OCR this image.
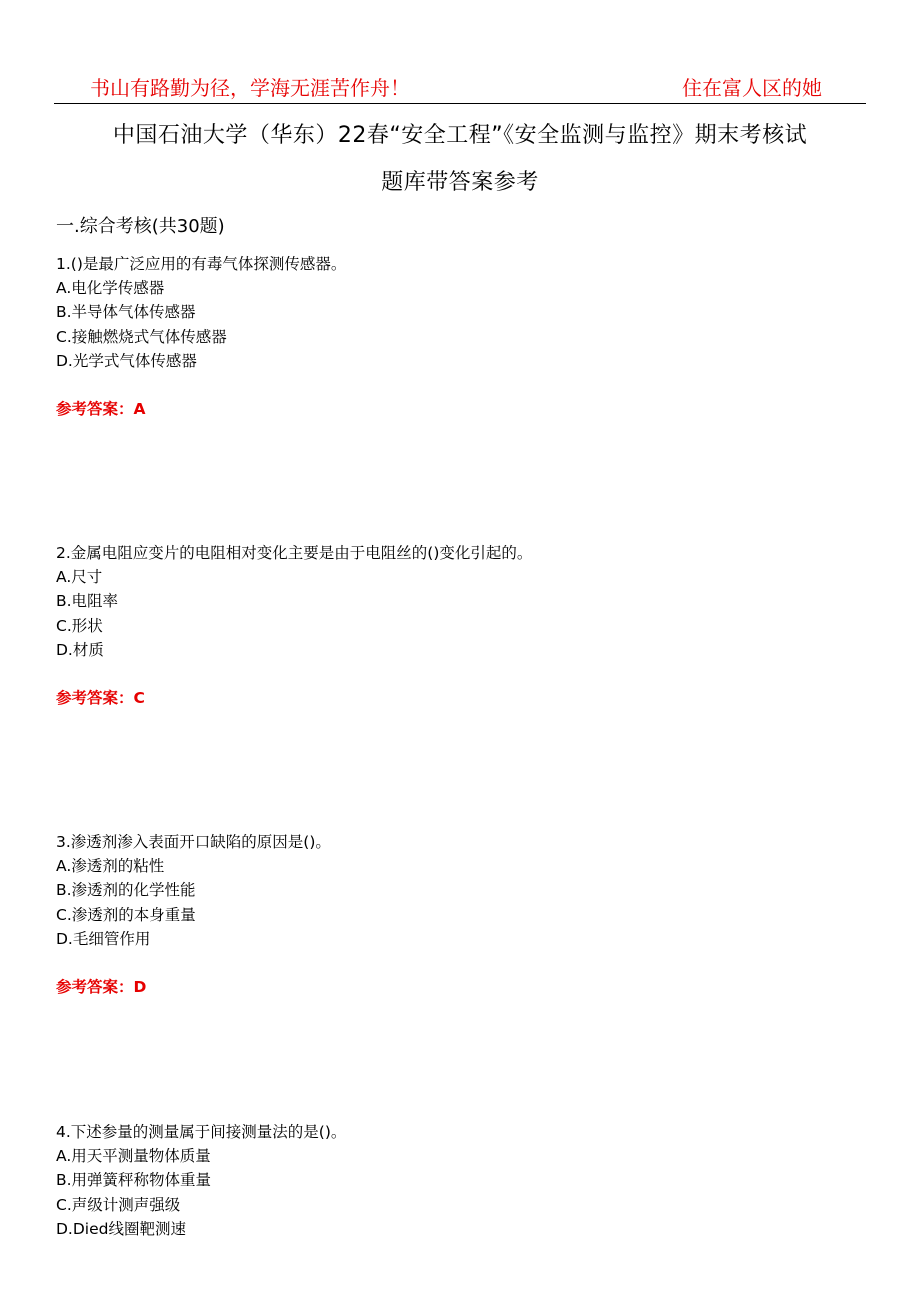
书山有路勤为径，学海无涯苦作舟！	住在富人区的她
中国石油大学（华东）22春“安全工程”《安全监测与监控》期末考核试
题库带答案参考
一.综合考核(共30题)
1.()是最广泛应用的有毒气体探测传感器。
A.电化学传感器
B.半导体气体传感器
C.接触燃烧式气体传感器
D.光学式气体传感器
参考答案：A
2.金属电阻应变片的电阻相对变化主要是由于电阻丝的()变化引起的。
A.尺寸
B.电阻率
C.形状
D.材质
参考答案：C
3.渗透剂渗入表面开口缺陷的原因是()。
A.渗透剂的粘性
B.渗透剂的化学性能
C.渗透剂的本身重量
D.毛细管作用
参考答案：D
4.下述参量的测量属于间接测量法的是()。
A.用天平测量物体质量
B.用弹簧秤称物体重量
C.声级计测声强级
D.Died线圈靶测速
